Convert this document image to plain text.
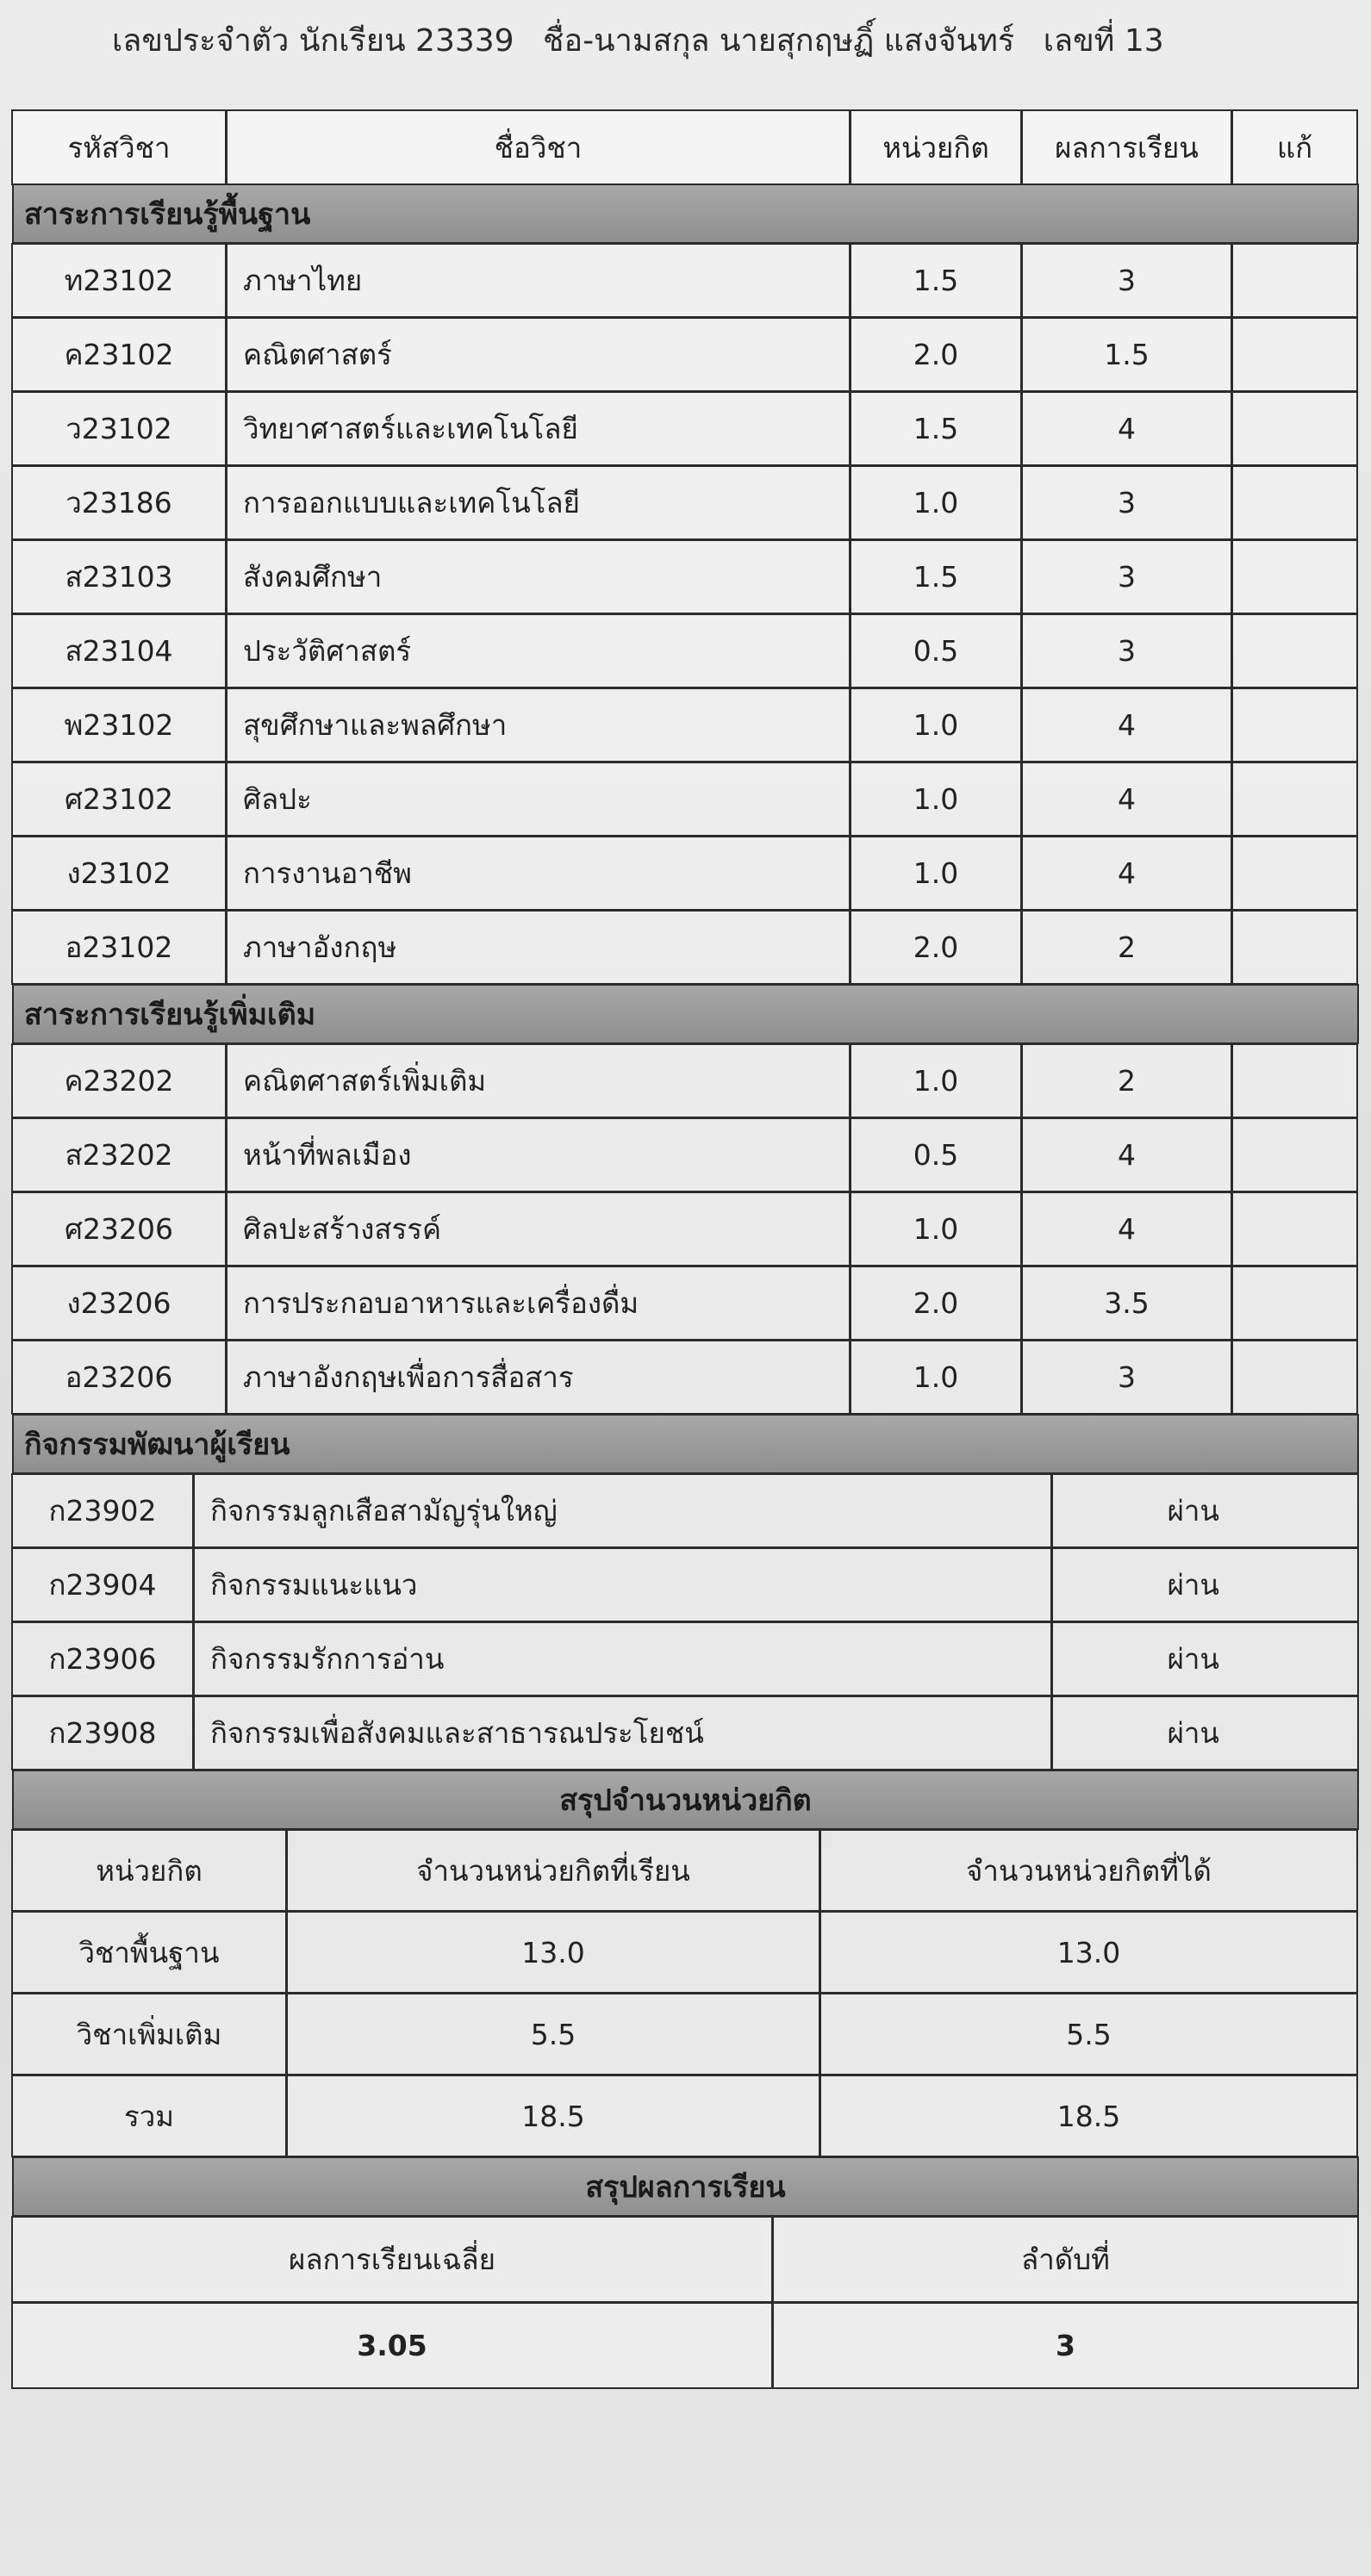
เลขประจำตัว นักเรียน 23339 ชื่อ-นามสกุล นายสุกฤษฏิ์ แสงจันทร์ เลขที่ 13
รหัสวิชา	ชื่อวิชา	หน่วยกิต	ผลการเรียน	แก้
สาระการเรียนรู้พื้นฐาน
ท23102	ภาษาไทย	1.5	3
ค23102	คณิตศาสตร์	2.0	1.5
ว23102	วิทยาศาสตร์และเทคโนโลยี	1.5	4
ว23186	การออกแบบและเทคโนโลยี	1.0	3
ส23103	สังคมศึกษา	1.5	3
ส23104	ประวัติศาสตร์	0.5	3
พ23102	สุขศึกษาและพลศึกษา	1.0	4
ศ23102	ศิลปะ	1.0	4
ง23102	การงานอาชีพ	1.0	4
อ23102	ภาษาอังกฤษ	2.0	2
สาระการเรียนรู้เพิ่มเติม
ค23202	คณิตศาสตร์เพิ่มเติม	1.0	2
ส23202	หน้าที่พลเมือง	0.5	4
ศ23206	ศิลปะสร้างสรรค์	1.0	4
ง23206	การประกอบอาหารและเครื่องดื่ม	2.0	3.5
อ23206	ภาษาอังกฤษเพื่อการสื่อสาร	1.0	3
กิจกรรมพัฒนาผู้เรียน
ก23902	กิจกรรมลูกเสือสามัญรุ่นใหญ่	ผ่าน
ก23904	กิจกรรมแนะแนว	ผ่าน
ก23906	กิจกรรมรักการอ่าน	ผ่าน
ก23908	กิจกรรมเพื่อสังคมและสาธารณประโยชน์	ผ่าน
สรุปจำนวนหน่วยกิต
หน่วยกิต	จำนวนหน่วยกิตที่เรียน	จำนวนหน่วยกิตที่ได้
วิชาพื้นฐาน	13.0	13.0
วิชาเพิ่มเติม	5.5	5.5
รวม	18.5	18.5
สรุปผลการเรียน
ผลการเรียนเฉลี่ย	ลำดับที่
3.05	3
